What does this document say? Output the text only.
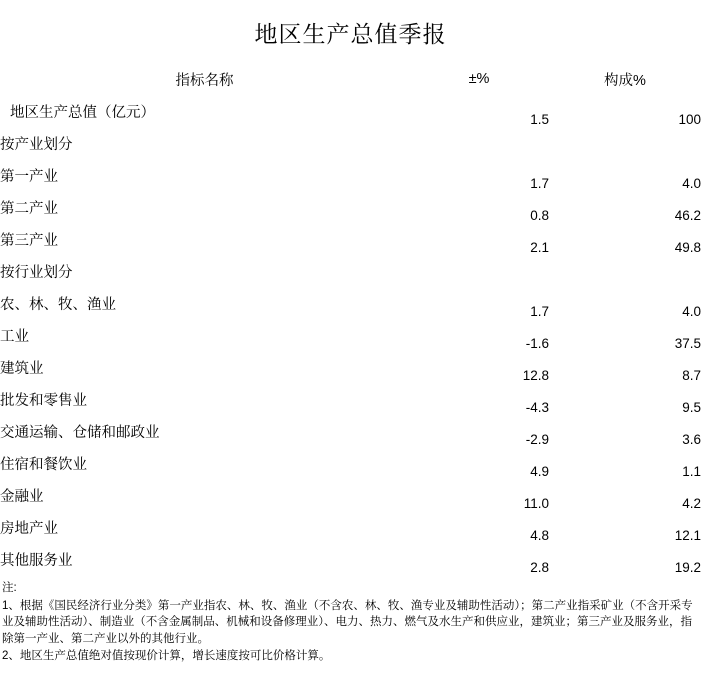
地区生产总值季报
指标名称	±%	构成%
地区生产总值（亿元）	1.5	100
按产业划分		
第一产业	1.7	4.0
第二产业	0.8	46.2
第三产业	2.1	49.8
按行业划分		
农、林、牧、渔业	1.7	4.0
工业	-1.6	37.5
建筑业	12.8	8.7
批发和零售业	-4.3	9.5
交通运输、仓储和邮政业	-2.9	3.6
住宿和餐饮业	4.9	1.1
金融业	11.0	4.2
房地产业	4.8	12.1
其他服务业	2.8	19.2
注:
1、根据《国民经济行业分类》第一产业指农、林、牧、渔业（不含农、林、牧、渔专业及辅助性活动）；第二产业指采矿业（不含开采专业及辅助性活动）、制造业（不含金属制品、机械和设备修理业）、电力、热力、燃气及水生产和供应业，建筑业；第三产业及服务业，指除第一产业、第二产业以外的其他行业。
2、地区生产总值绝对值按现价计算，增长速度按可比价格计算。
